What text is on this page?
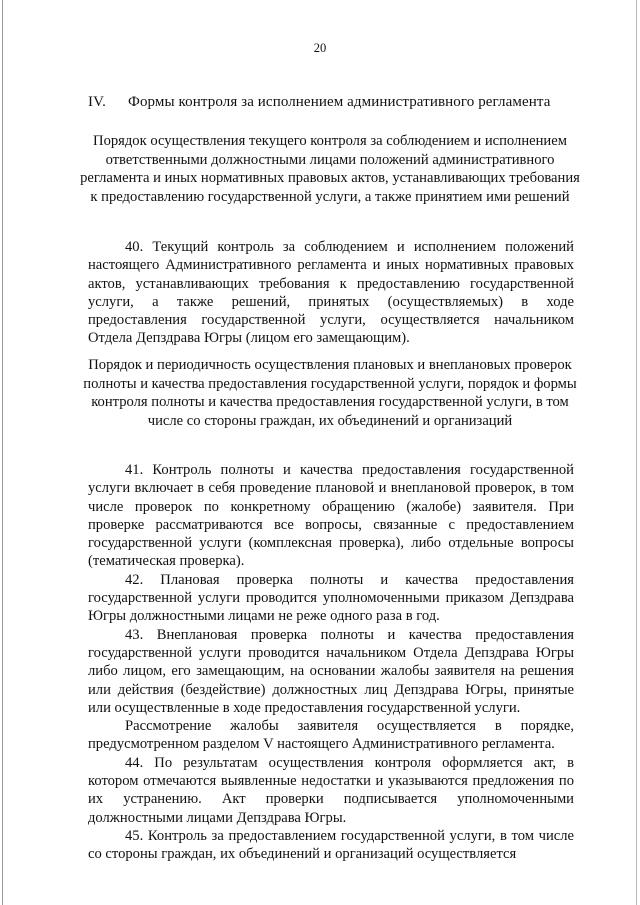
20
IV. Формы контроля за исполнением административного регламента
Порядок осуществления текущего контроля за соблюдением и исполнением ответственными должностными лицами положений административного регламента и иных нормативных правовых актов, устанавливающих требования к предоставлению государственной услуги, а также принятием ими решений

40. Текущий контроль за соблюдением и исполнением положений настоящего Административного регламента и иных нормативных правовых актов, устанавливающих требования к предоставлению государственной услуги, а также решений, принятых (осуществляемых) в ходе предоставления государственной услуги, осуществляется начальником Отдела Депздрава Югры (лицом его замещающим).

Порядок и периодичность осуществления плановых и внеплановых проверок полноты и качества предоставления государственной услуги, порядок и формы контроля полноты и качества предоставления государственной услуги, в том числе со стороны граждан, их объединений и организаций

41. Контроль полноты и качества предоставления государственной услуги включает в себя проведение плановой и внеплановой проверок, в том числе проверок по конкретному обращению (жалобе) заявителя. При проверке рассматриваются все вопросы, связанные с предоставлением государственной услуги (комплексная проверка), либо отдельные вопросы (тематическая проверка).

42. Плановая проверка полноты и качества предоставления государственной услуги проводится уполномоченными приказом Депздрава Югры должностными лицами не реже одного раза в год.

43. Внеплановая проверка полноты и качества предоставления государственной услуги проводится начальником Отдела Депздрава Югры либо лицом, его замещающим, на основании жалобы заявителя на решения или действия (бездействие) должностных лиц Депздрава Югры, принятые или осуществленные в ходе предоставления государственной услуги.

Рассмотрение жалобы заявителя осуществляется в порядке, предусмотренном разделом V настоящего Административного регламента.

44. По результатам осуществления контроля оформляется акт, в котором отмечаются выявленные недостатки и указываются предложения по их устранению. Акт проверки подписывается уполномоченными должностными лицами Депздрава Югры.

45. Контроль за предоставлением государственной услуги, в том числе со стороны граждан, их объединений и организаций осуществляется
